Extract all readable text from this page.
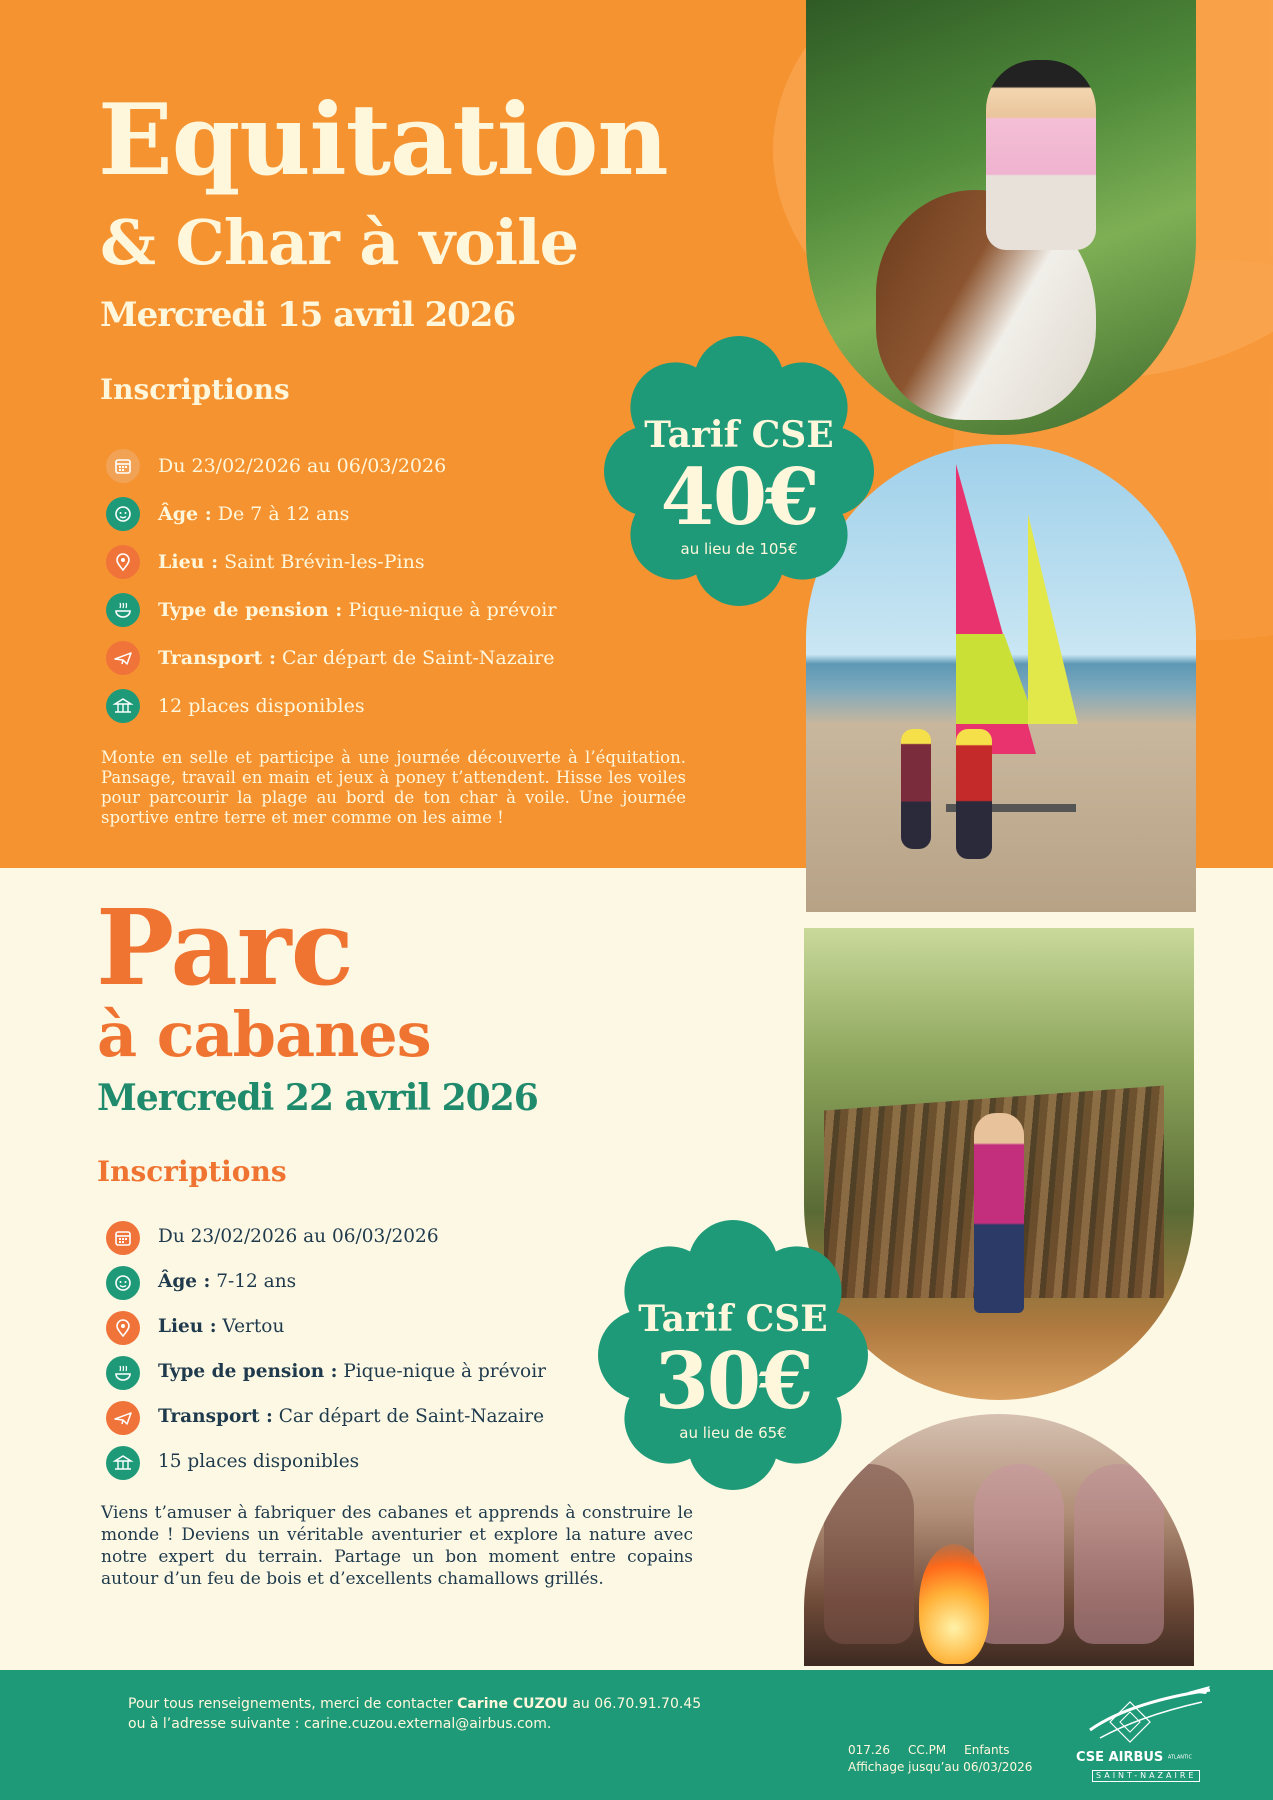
Equitation
& Char à voile
Mercredi 15 avril 2026
Inscriptions
Du 23/02/2026 au 06/03/2026
Âge : De 7 à 12 ans
Lieu : Saint Brévin-les-Pins
Type de pension : Pique-nique à prévoir
Transport : Car départ de Saint-Nazaire
12 places disponibles
Monte en selle et participe à une journée découverte à l’équitation. Pansage, travail en main et jeux à poney t’attendent. Hisse les voiles pour parcourir la plage au bord de ton char à voile. Une journée sportive entre terre et mer comme on les aime !
Tarif CSE
40€
au lieu de 105€
Parc
à cabanes
Mercredi 22 avril 2026
Inscriptions
Du 23/02/2026 au 06/03/2026
Âge : 7-12 ans
Lieu : Vertou
Type de pension : Pique-nique à prévoir
Transport : Car départ de Saint-Nazaire
15 places disponibles
Viens t’amuser à fabriquer des cabanes et apprends à construire le monde ! Deviens un véritable aventurier et explore la nature avec notre expert du terrain. Partage un bon moment entre copains autour d’un feu de bois et d’excellents chamallows grillés.
Tarif CSE
30€
au lieu de 65€
Pour tous renseignements, merci de contacter Carine CUZOU au 06.70.91.70.45
ou à l’adresse suivante : carine.cuzou.external@airbus.com.
017.26 CC.PM Enfants
Affichage jusqu’au 06/03/2026
CSE AIRBUS ATLANTIC
SAINT-NAZAIRE
